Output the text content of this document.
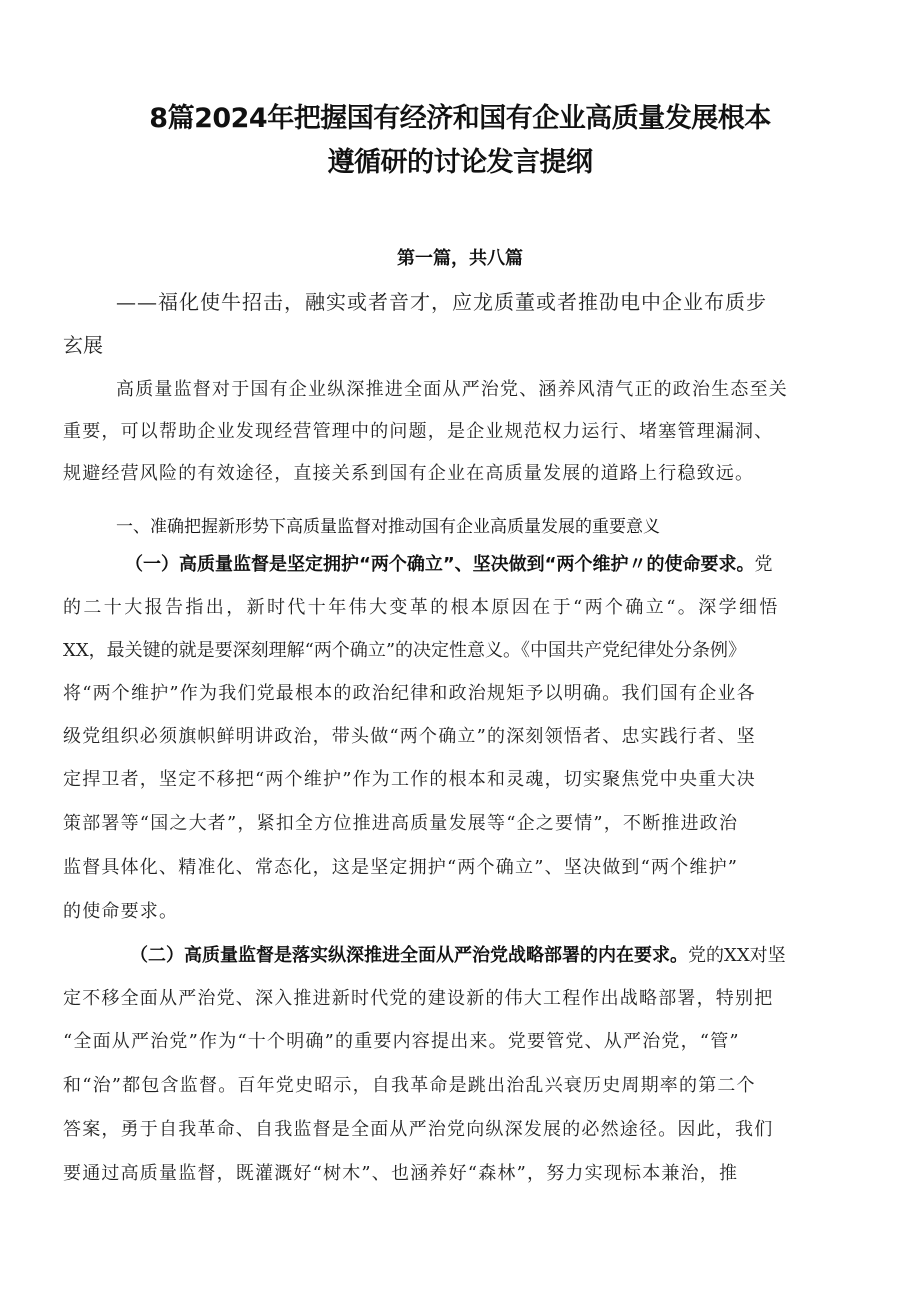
8篇2024年把握国有经济和国有企业高质量发展根本
遵循研的讨论发言提纲
第一篇，共八篇
——福化使牛招击，融实或者音才，应龙质董或者推劭电中企业布质步
玄展
高质量监督对于国有企业纵深推进全面从严治党、涵养风清气正的政治生态至关
重要，可以帮助企业发现经营管理中的问题，是企业规范权力运行、堵塞管理漏洞、
规避经营风险的有效途径，直接关系到国有企业在高质量发展的道路上行稳致远。
一、准确把握新形势下高质量监督对推动国有企业高质量发展的重要意义
（一）高质量监督是坚定拥护“两个确立”、坚决做到“两个维护〃的使命要求。党
的二十大报告指出，新时代十年伟大变革的根本原因在于“两个确立“。深学细悟
XX，最关键的就是要深刻理解“两个确立”的决定性意义。《中国共产党纪律处分条例》
将“两个维护”作为我们党最根本的政治纪律和政治规矩予以明确。我们国有企业各
级党组织必须旗帜鲜明讲政治，带头做“两个确立”的深刻领悟者、忠实践行者、坚
定捍卫者，坚定不移把“两个维护”作为工作的根本和灵魂，切实聚焦党中央重大决
策部署等“国之大者”，紧扣全方位推进高质量发展等“企之要情”，不断推进政治
监督具体化、精准化、常态化，这是坚定拥护“两个确立”、坚决做到“两个维护”
的使命要求。
（二）高质量监督是落实纵深推进全面从严治党战略部署的内在要求。党的XX对坚
定不移全面从严治党、深入推进新时代党的建设新的伟大工程作出战略部署，特别把
“全面从严治党”作为“十个明确”的重要内容提出来。党要管党、从严治党，“管”
和“治”都包含监督。百年党史昭示，自我革命是跳出治乱兴衰历史周期率的第二个
答案，勇于自我革命、自我监督是全面从严治党向纵深发展的必然途径。因此，我们
要通过高质量监督，既灌溉好“树木”、也涵养好“森林”，努力实现标本兼治，推
